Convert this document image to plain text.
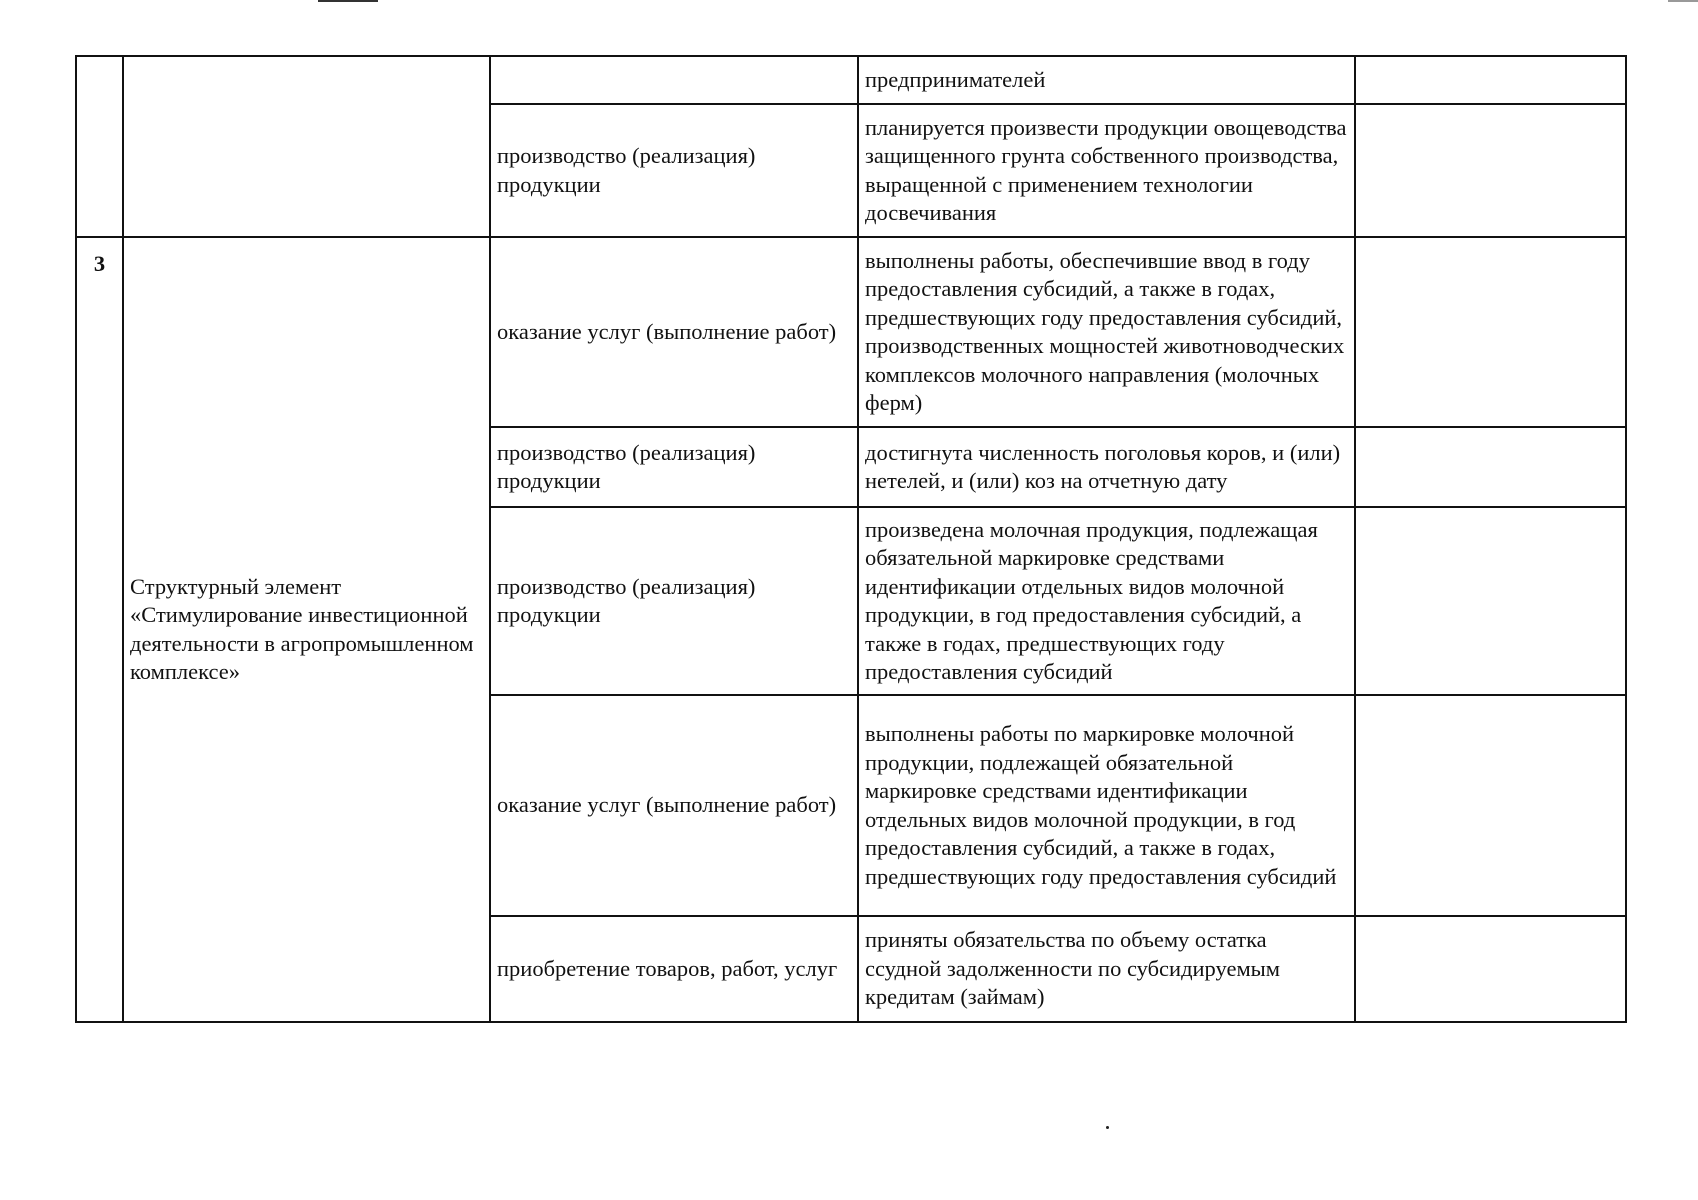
			предпринимателей	
		производство (реализация) продукции	планируется произвести продукции овощеводства защищенного грунта собственного производства, выращенной с применением технологии досвечивания	
3	Структурный элемент «Стимулирование инвестиционной деятельности в агропромышленном комплексе»	оказание услуг (выполнение работ)	выполнены работы, обеспечившие ввод в году предоставления субсидий, а также в годах, предшествующих году предоставления субсидий, производственных мощностей животноводческих комплексов молочного направления (молочных ферм)	
		производство (реализация) продукции	достигнута численность поголовья коров, и (или) нетелей, и (или) коз на отчетную дату	
		производство (реализация) продукции	произведена молочная продукция, подлежащая обязательной маркировке средствами идентификации отдельных видов молочной продукции, в год предоставления субсидий, а также в годах, предшествующих году предоставления субсидий	
		оказание услуг (выполнение работ)	выполнены работы по маркировке молочной продукции, подлежащей обязательной маркировке средствами идентификации отдельных видов молочной продукции, в год предоставления субсидий, а также в годах, предшествующих году предоставления субсидий	
		приобретение товаров, работ, услуг	приняты обязательства по объему остатка ссудной задолженности по субсидируемым кредитам (займам)	
